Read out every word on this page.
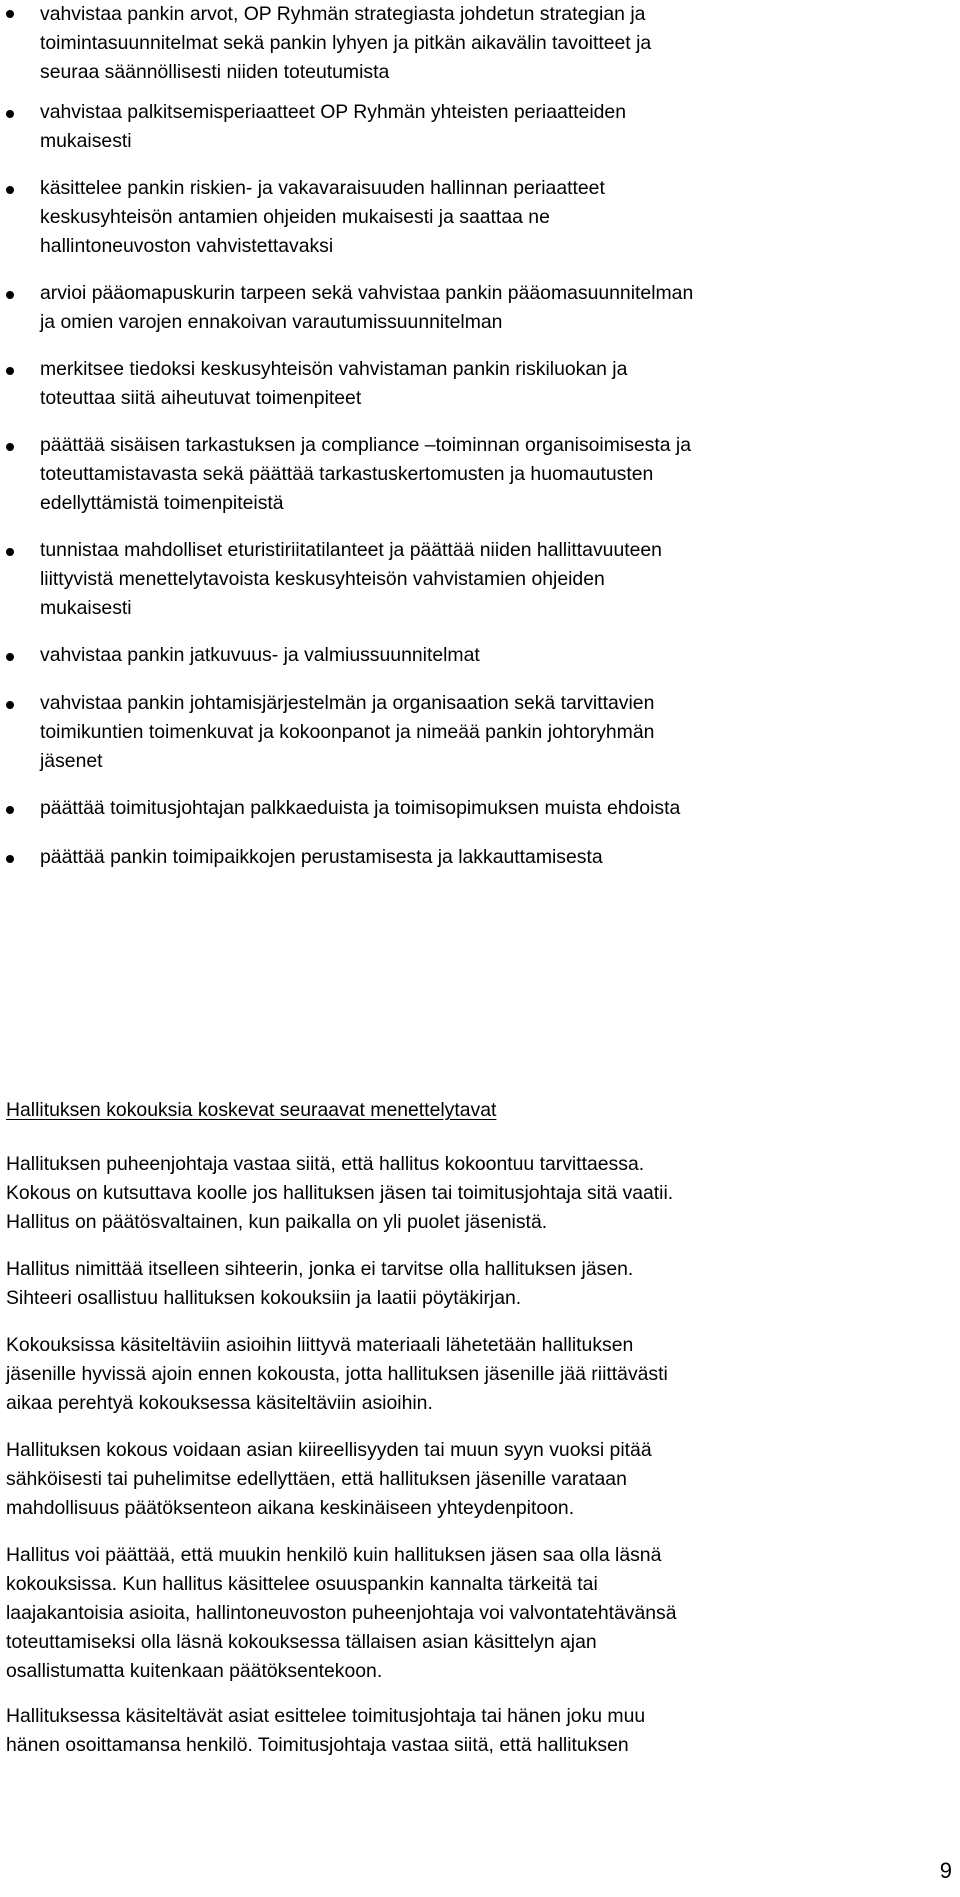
vahvistaa pankin arvot, OP Ryhmän strategiasta johdetun strategian ja
toimintasuunnitelmat sekä pankin lyhyen ja pitkän aikavälin tavoitteet ja
seuraa säännöllisesti niiden toteutumista
vahvistaa palkitsemisperiaatteet OP Ryhmän yhteisten periaatteiden
mukaisesti
käsittelee pankin riskien- ja vakavaraisuuden hallinnan periaatteet
keskusyhteisön antamien ohjeiden mukaisesti ja saattaa ne
hallintoneuvoston vahvistettavaksi
arvioi pääomapuskurin tarpeen sekä vahvistaa pankin pääomasuunnitelman
ja omien varojen ennakoivan varautumissuunnitelman
merkitsee tiedoksi keskusyhteisön vahvistaman pankin riskiluokan ja
toteuttaa siitä aiheutuvat toimenpiteet
päättää sisäisen tarkastuksen ja compliance –toiminnan organisoimisesta ja
toteuttamistavasta sekä päättää tarkastuskertomusten ja huomautusten
edellyttämistä toimenpiteistä
tunnistaa mahdolliset eturistiriitatilanteet ja päättää niiden hallittavuuteen
liittyvistä menettelytavoista keskusyhteisön vahvistamien ohjeiden
mukaisesti
vahvistaa pankin jatkuvuus- ja valmiussuunnitelmat
vahvistaa pankin johtamisjärjestelmän ja organisaation sekä tarvittavien
toimikuntien toimenkuvat ja kokoonpanot ja nimeää pankin johtoryhmän
jäsenet
päättää toimitusjohtajan palkkaeduista ja toimisopimuksen muista ehdoista
päättää pankin toimipaikkojen perustamisesta ja lakkauttamisesta
Hallituksen kokouksia koskevat seuraavat menettelytavat
Hallituksen puheenjohtaja vastaa siitä, että hallitus kokoontuu tarvittaessa.
Kokous on kutsuttava koolle jos hallituksen jäsen tai toimitusjohtaja sitä vaatii.
Hallitus on päätösvaltainen, kun paikalla on yli puolet jäsenistä.
Hallitus nimittää itselleen sihteerin, jonka ei tarvitse olla hallituksen jäsen.
Sihteeri osallistuu hallituksen kokouksiin ja laatii pöytäkirjan.
Kokouksissa käsiteltäviin asioihin liittyvä materiaali lähetetään hallituksen
jäsenille hyvissä ajoin ennen kokousta, jotta hallituksen jäsenille jää riittävästi
aikaa perehtyä kokouksessa käsiteltäviin asioihin.
Hallituksen kokous voidaan asian kiireellisyyden tai muun syyn vuoksi pitää
sähköisesti tai puhelimitse edellyttäen, että hallituksen jäsenille varataan
mahdollisuus päätöksenteon aikana keskinäiseen yhteydenpitoon.
Hallitus voi päättää, että muukin henkilö kuin hallituksen jäsen saa olla läsnä
kokouksissa. Kun hallitus käsittelee osuuspankin kannalta tärkeitä tai
laajakantoisia asioita, hallintoneuvoston puheenjohtaja voi valvontatehtävänsä
toteuttamiseksi olla läsnä kokouksessa tällaisen asian käsittelyn ajan
osallistumatta kuitenkaan päätöksentekoon.
Hallituksessa käsiteltävät asiat esittelee toimitusjohtaja tai hänen joku muu
hänen osoittamansa henkilö. Toimitusjohtaja vastaa siitä, että hallituksen
9
